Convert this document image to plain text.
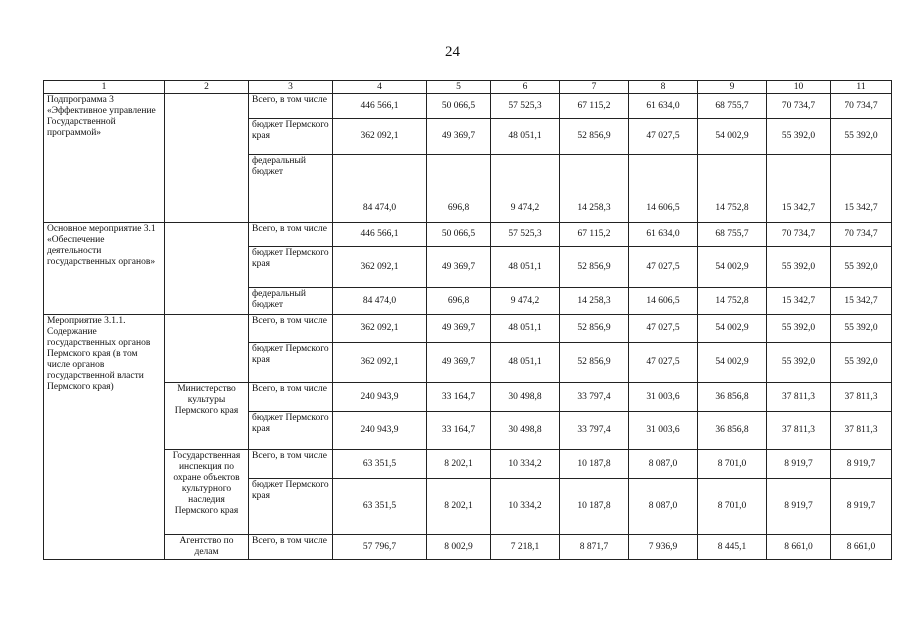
24
1	2	3	4	5	6	7	8	9	10	11
Подпрограмма 3 «Эффективное управление Государственной программой»		Всего, в том числе	446 566,1	50 066,5	57 525,3	67 115,2	61 634,0	68 755,7	70 734,7	70 734,7
		бюджет Пермского края	362 092,1	49 369,7	48 051,1	52 856,9	47 027,5	54 002,9	55 392,0	55 392,0
		федеральный бюджет	84 474,0	696,8	9 474,2	14 258,3	14 606,5	14 752,8	15 342,7	15 342,7
Основное мероприятие 3.1 «Обеспечение деятельности государственных органов»		Всего, в том числе	446 566,1	50 066,5	57 525,3	67 115,2	61 634,0	68 755,7	70 734,7	70 734,7
		бюджет Пермского края	362 092,1	49 369,7	48 051,1	52 856,9	47 027,5	54 002,9	55 392,0	55 392,0
		федеральный бюджет	84 474,0	696,8	9 474,2	14 258,3	14 606,5	14 752,8	15 342,7	15 342,7
Мероприятие 3.1.1. Содержание государственных органов Пермского края (в том числе органов государственной власти Пермского края)		Всего, в том числе	362 092,1	49 369,7	48 051,1	52 856,9	47 027,5	54 002,9	55 392,0	55 392,0
		бюджет Пермского края	362 092,1	49 369,7	48 051,1	52 856,9	47 027,5	54 002,9	55 392,0	55 392,0
	Министерство культуры Пермского края	Всего, в том числе	240 943,9	33 164,7	30 498,8	33 797,4	31 003,6	36 856,8	37 811,3	37 811,3
		бюджет Пермского края	240 943,9	33 164,7	30 498,8	33 797,4	31 003,6	36 856,8	37 811,3	37 811,3
	Государственная инспекция по охране объектов культурного наследия Пермского края	Всего, в том числе	63 351,5	8 202,1	10 334,2	10 187,8	8 087,0	8 701,0	8 919,7	8 919,7
		бюджет Пермского края	63 351,5	8 202,1	10 334,2	10 187,8	8 087,0	8 701,0	8 919,7	8 919,7
	Агентство по делам	Всего, в том числе	57 796,7	8 002,9	7 218,1	8 871,7	7 936,9	8 445,1	8 661,0	8 661,0
